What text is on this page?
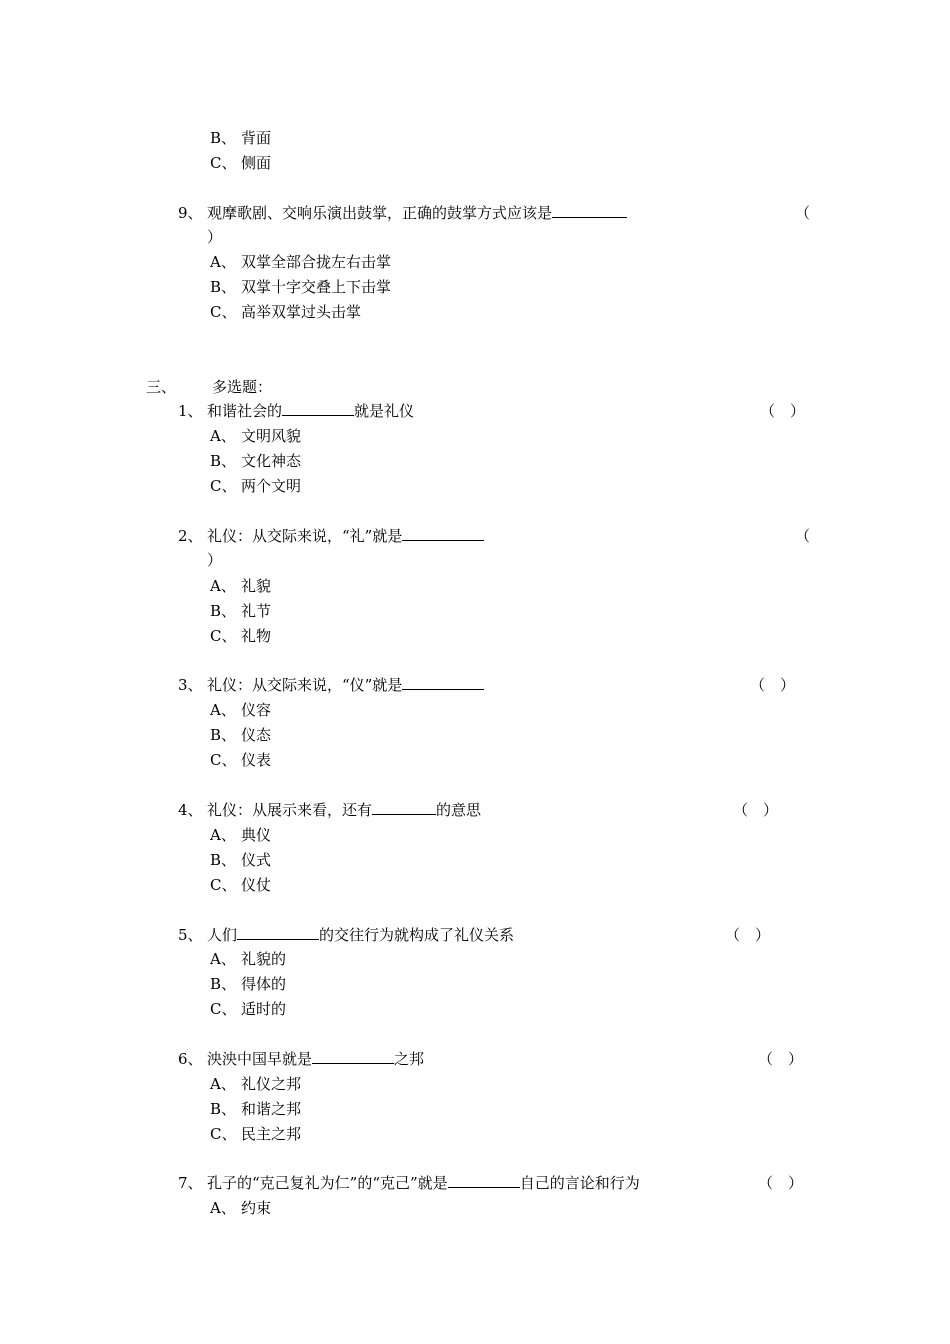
B、 背面
C、 侧面
9、 观摩歌剧、交响乐演出鼓掌，正确的鼓掌方式应该是	（
）
A、 双掌全部合拢左右击掌
B、 双掌十字交叠上下击掌
C、 高举双掌过头击掌
三、 多选题：
1、 和谐社会的	就是礼仪	（　）
A、 文明风貌
B、 文化神态
C、 两个文明
2、 礼仪：从交际来说，“礼”就是	（
）
A、 礼貌
B、 礼节
C、 礼物
3、 礼仪：从交际来说，“仪”就是	（　）
A、 仪容
B、 仪态
C、 仪表
4、 礼仪：从展示来看，还有	的意思	（　）
A、 典仪
B、 仪式
C、 仪仗
5、 人们	的交往行为就构成了礼仪关系	（　）
A、 礼貌的
B、 得体的
C、 适时的
6、 泱泱中国早就是	之邦	（　）
A、 礼仪之邦
B、 和谐之邦
C、 民主之邦
7、 孔子的“克己复礼为仁”的“克己”就是	自己的言论和行为	（　）
A、 约束
